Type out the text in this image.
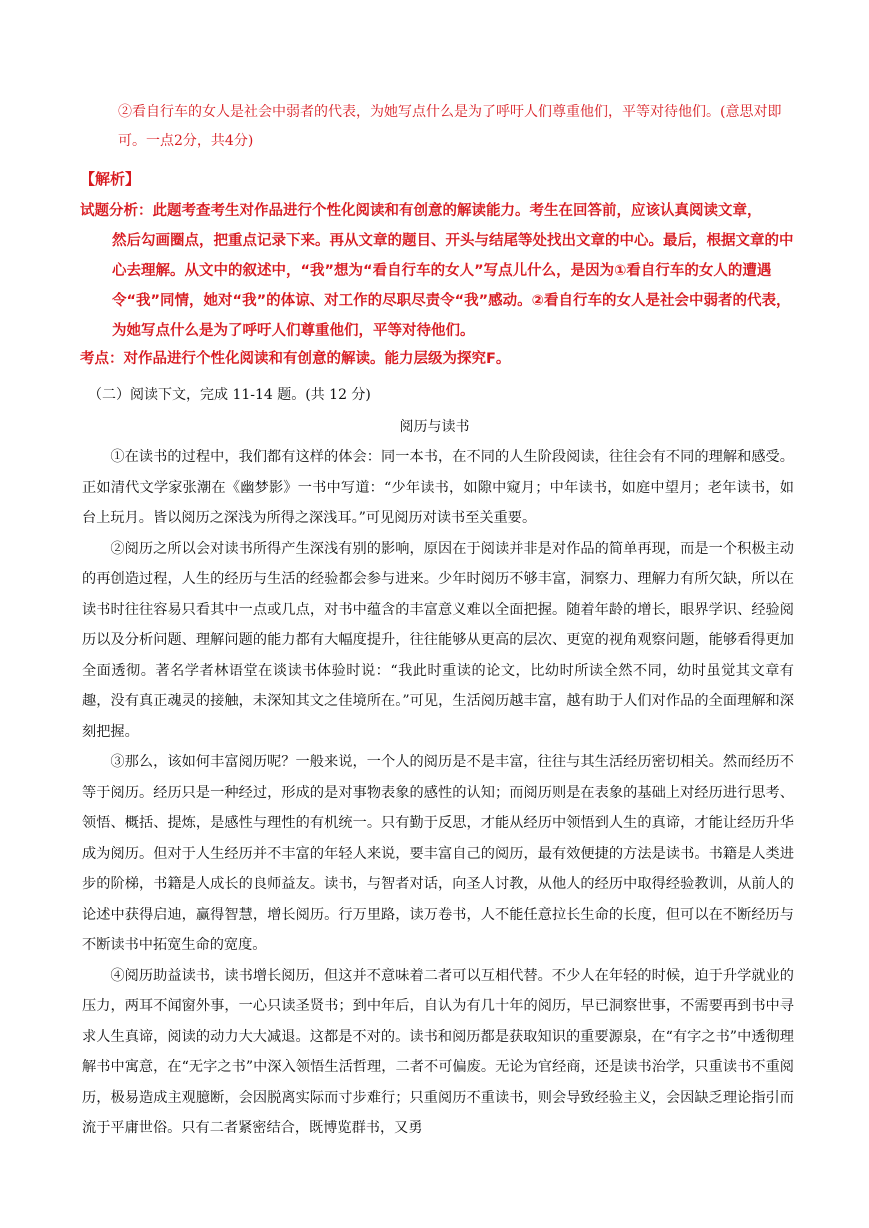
②看自行车的女人是社会中弱者的代表，为她写点什么是为了呼吁人们尊重他们，平等对待他们。(意思对即可。一点2分，共4分)
【解析】
试题分析：此题考查考生对作品进行个性化阅读和有创意的解读能力。考生在回答前，应该认真阅读文章，
然后勾画圈点，把重点记录下来。再从文章的题目、开头与结尾等处找出文章的中心。最后，根据文章的中心去理解。从文中的叙述中，“我”想为“看自行车的女人”写点儿什么，是因为①看自行车的女人的遭遇令“我”同情，她对“我”的体谅、对工作的尽职尽责令“我”感动。②看自行车的女人是社会中弱者的代表，为她写点什么是为了呼吁人们尊重他们，平等对待他们。
考点：对作品进行个性化阅读和有创意的解读。能力层级为探究F。
（二）阅读下文，完成 11-14 题。(共 12 分)
阅历与读书

①在读书的过程中，我们都有这样的体会：同一本书，在不同的人生阶段阅读，往往会有不同的理解和感受。正如清代文学家张潮在《幽梦影》一书中写道：“少年读书，如隙中窥月；中年读书，如庭中望月；老年读书，如台上玩月。皆以阅历之深浅为所得之深浅耳。”可见阅历对读书至关重要。

②阅历之所以会对读书所得产生深浅有别的影响，原因在于阅读并非是对作品的简单再现，而是一个积极主动的再创造过程，人生的经历与生活的经验都会参与进来。少年时阅历不够丰富，洞察力、理解力有所欠缺，所以在读书时往往容易只看其中一点或几点，对书中蕴含的丰富意义难以全面把握。随着年龄的增长，眼界学识、经验阅历以及分析问题、理解问题的能力都有大幅度提升，往往能够从更高的层次、更宽的视角观察问题，能够看得更加全面透彻。著名学者林语堂在谈读书体验时说：“我此时重读的论文，比幼时所读全然不同，幼时虽觉其文章有趣，没有真正魂灵的接触，未深知其文之佳境所在。”可见，生活阅历越丰富，越有助于人们对作品的全面理解和深刻把握。

③那么，该如何丰富阅历呢？一般来说，一个人的阅历是不是丰富，往往与其生活经历密切相关。然而经历不等于阅历。经历只是一种经过，形成的是对事物表象的感性的认知；而阅历则是在表象的基础上对经历进行思考、领悟、概括、提炼，是感性与理性的有机统一。只有勤于反思，才能从经历中领悟到人生的真谛，才能让经历升华成为阅历。但对于人生经历并不丰富的年轻人来说，要丰富自己的阅历，最有效便捷的方法是读书。书籍是人类进步的阶梯，书籍是人成长的良师益友。读书，与智者对话，向圣人讨教，从他人的经历中取得经验教训，从前人的论述中获得启迪，赢得智慧，增长阅历。行万里路，读万卷书，人不能任意拉长生命的长度，但可以在不断经历与不断读书中拓宽生命的宽度。

④阅历助益读书，读书增长阅历，但这并不意味着二者可以互相代替。不少人在年轻的时候，迫于升学就业的压力，两耳不闻窗外事，一心只读圣贤书；到中年后，自认为有几十年的阅历，早已洞察世事，不需要再到书中寻求人生真谛，阅读的动力大大减退。这都是不对的。读书和阅历都是获取知识的重要源泉，在“有字之书”中透彻理解书中寓意，在“无字之书”中深入领悟生活哲理，二者不可偏废。无论为官经商，还是读书治学，只重读书不重阅历，极易造成主观臆断，会因脱离实际而寸步难行；只重阅历不重读书，则会导致经验主义，会因缺乏理论指引而流于平庸世俗。只有二者紧密结合，既博览群书，又勇
